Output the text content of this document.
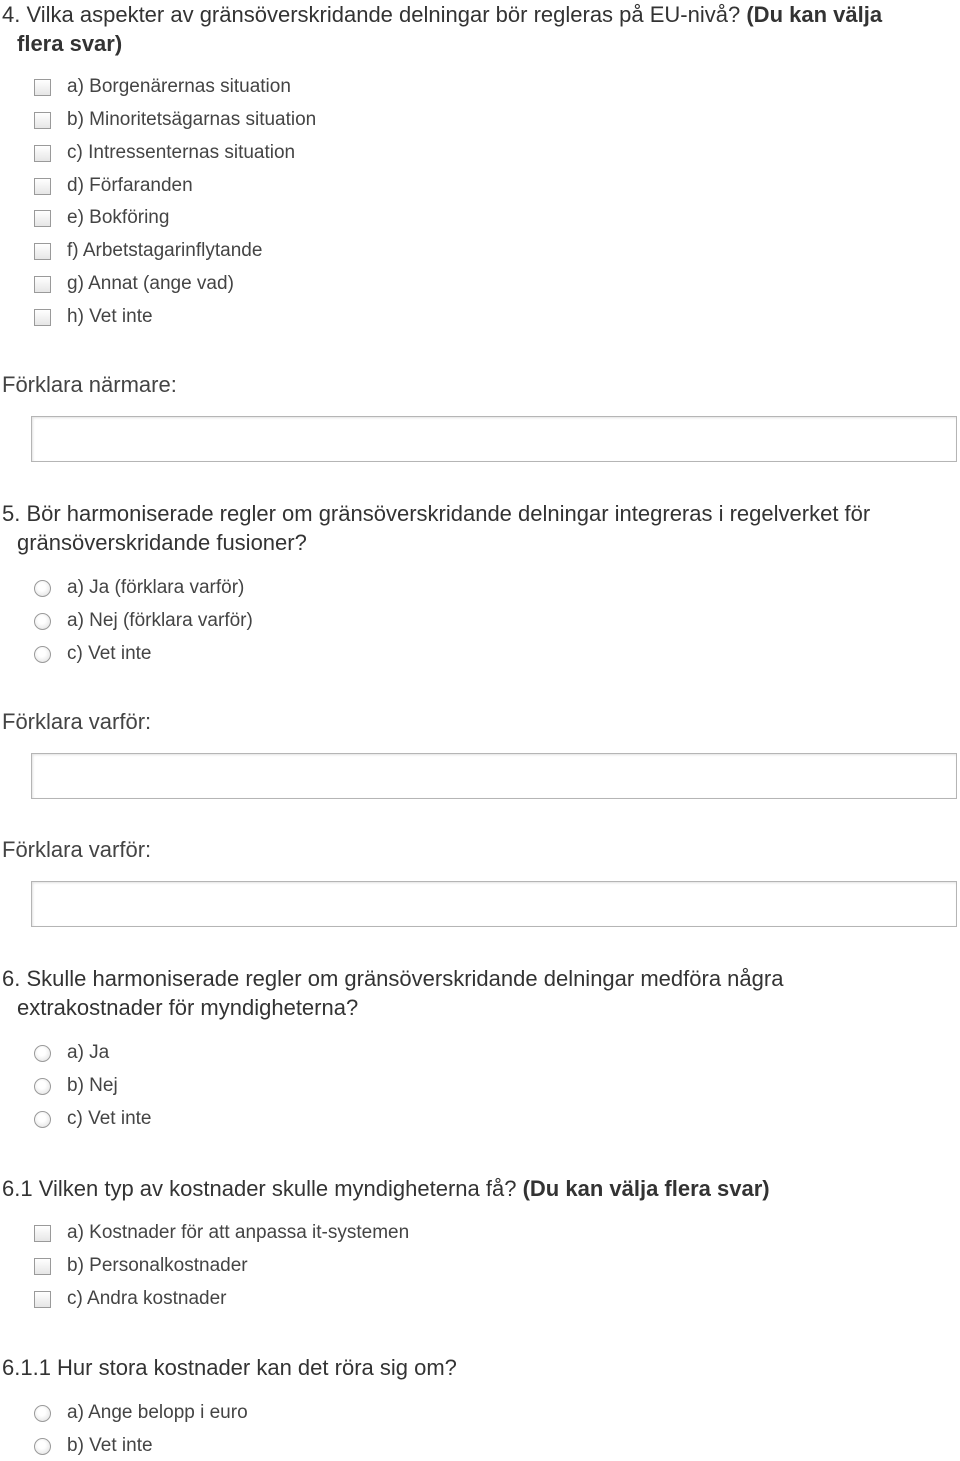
4. Vilka aspekter av gränsöverskridande delningar bör regleras på EU-nivå? (Du kan välja
flera svar)
a) Borgenärernas situation
b) Minoritetsägarnas situation
c) Intressenternas situation
d) Förfaranden
e) Bokföring
f) Arbetstagarinflytande
g) Annat (ange vad)
h) Vet inte
Förklara närmare:
5. Bör harmoniserade regler om gränsöverskridande delningar integreras i regelverket för
gränsöverskridande fusioner?
a) Ja (förklara varför)
a) Nej (förklara varför)
c) Vet inte
Förklara varför:
Förklara varför:
6. Skulle harmoniserade regler om gränsöverskridande delningar medföra några
extrakostnader för myndigheterna?
a) Ja
b) Nej
c) Vet inte
6.1 Vilken typ av kostnader skulle myndigheterna få? (Du kan välja flera svar)
a) Kostnader för att anpassa it-systemen
b) Personalkostnader
c) Andra kostnader
6.1.1 Hur stora kostnader kan det röra sig om?
a) Ange belopp i euro
b) Vet inte
